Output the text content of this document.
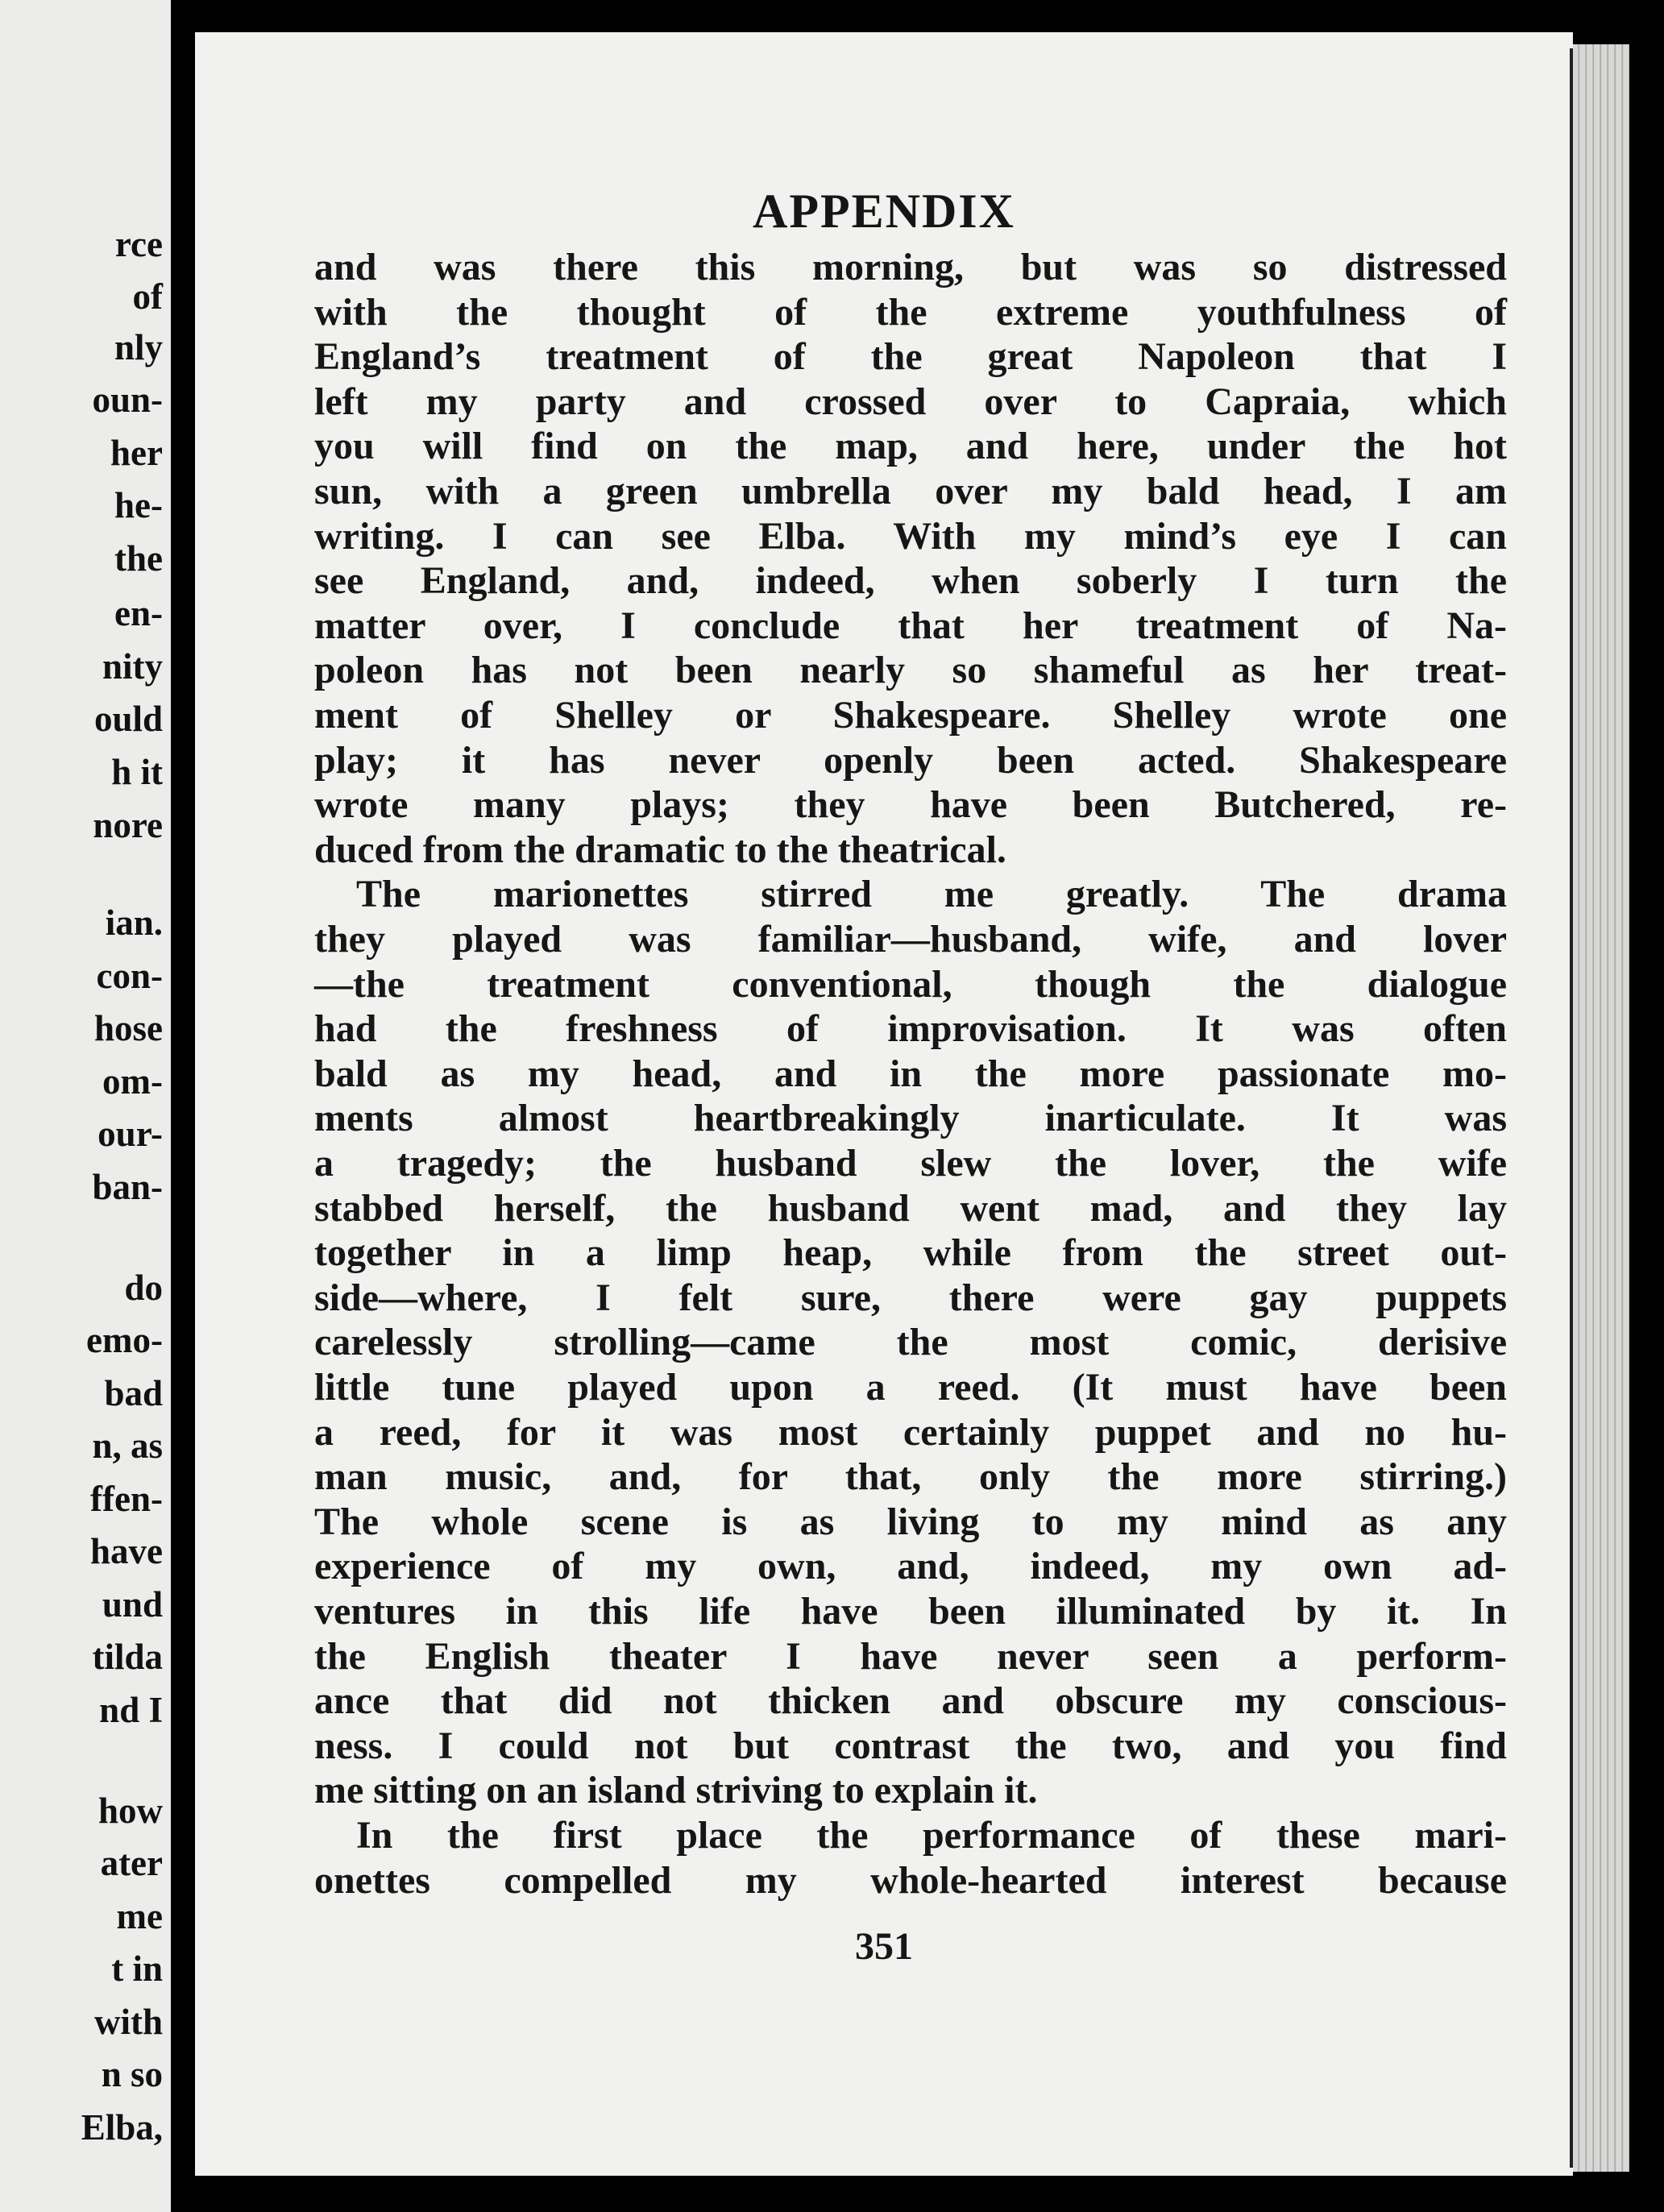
rce
of
nly
oun-
her
he-
the
en-
nity
ould
h it
nore
ian.
con-
hose
om-
our-
ban-
do
emo-
bad
n, as
ffen-
have
und
tilda
nd I
how
ater
me
t in
with
n so
Elba,
APPENDIX
351
and was there this morning, but was so distressed
with the thought of the extreme youthfulness of
England’s treatment of the great Napoleon that I
left my party and crossed over to Capraia, which
you will find on the map, and here, under the hot
sun, with a green umbrella over my bald head, I am
writing. I can see Elba. With my mind’s eye I can
see England, and, indeed, when soberly I turn the
matter over, I conclude that her treatment of Na-
poleon has not been nearly so shameful as her treat-
ment of Shelley or Shakespeare. Shelley wrote one
play; it has never openly been acted. Shakespeare
wrote many plays; they have been Butchered, re-
duced from the dramatic to the theatrical.
The marionettes stirred me greatly. The drama
they played was familiar—husband, wife, and lover
—the treatment conventional, though the dialogue
had the freshness of improvisation. It was often
bald as my head, and in the more passionate mo-
ments almost heartbreakingly inarticulate. It was
a tragedy; the husband slew the lover, the wife
stabbed herself, the husband went mad, and they lay
together in a limp heap, while from the street out-
side—where, I felt sure, there were gay puppets
carelessly strolling—came the most comic, derisive
little tune played upon a reed. (It must have been
a reed, for it was most certainly puppet and no hu-
man music, and, for that, only the more stirring.)
The whole scene is as living to my mind as any
experience of my own, and, indeed, my own ad-
ventures in this life have been illuminated by it. In
the English theater I have never seen a perform-
ance that did not thicken and obscure my conscious-
ness. I could not but contrast the two, and you find
me sitting on an island striving to explain it.
In the first place the performance of these mari-
onettes compelled my whole-hearted interest because
